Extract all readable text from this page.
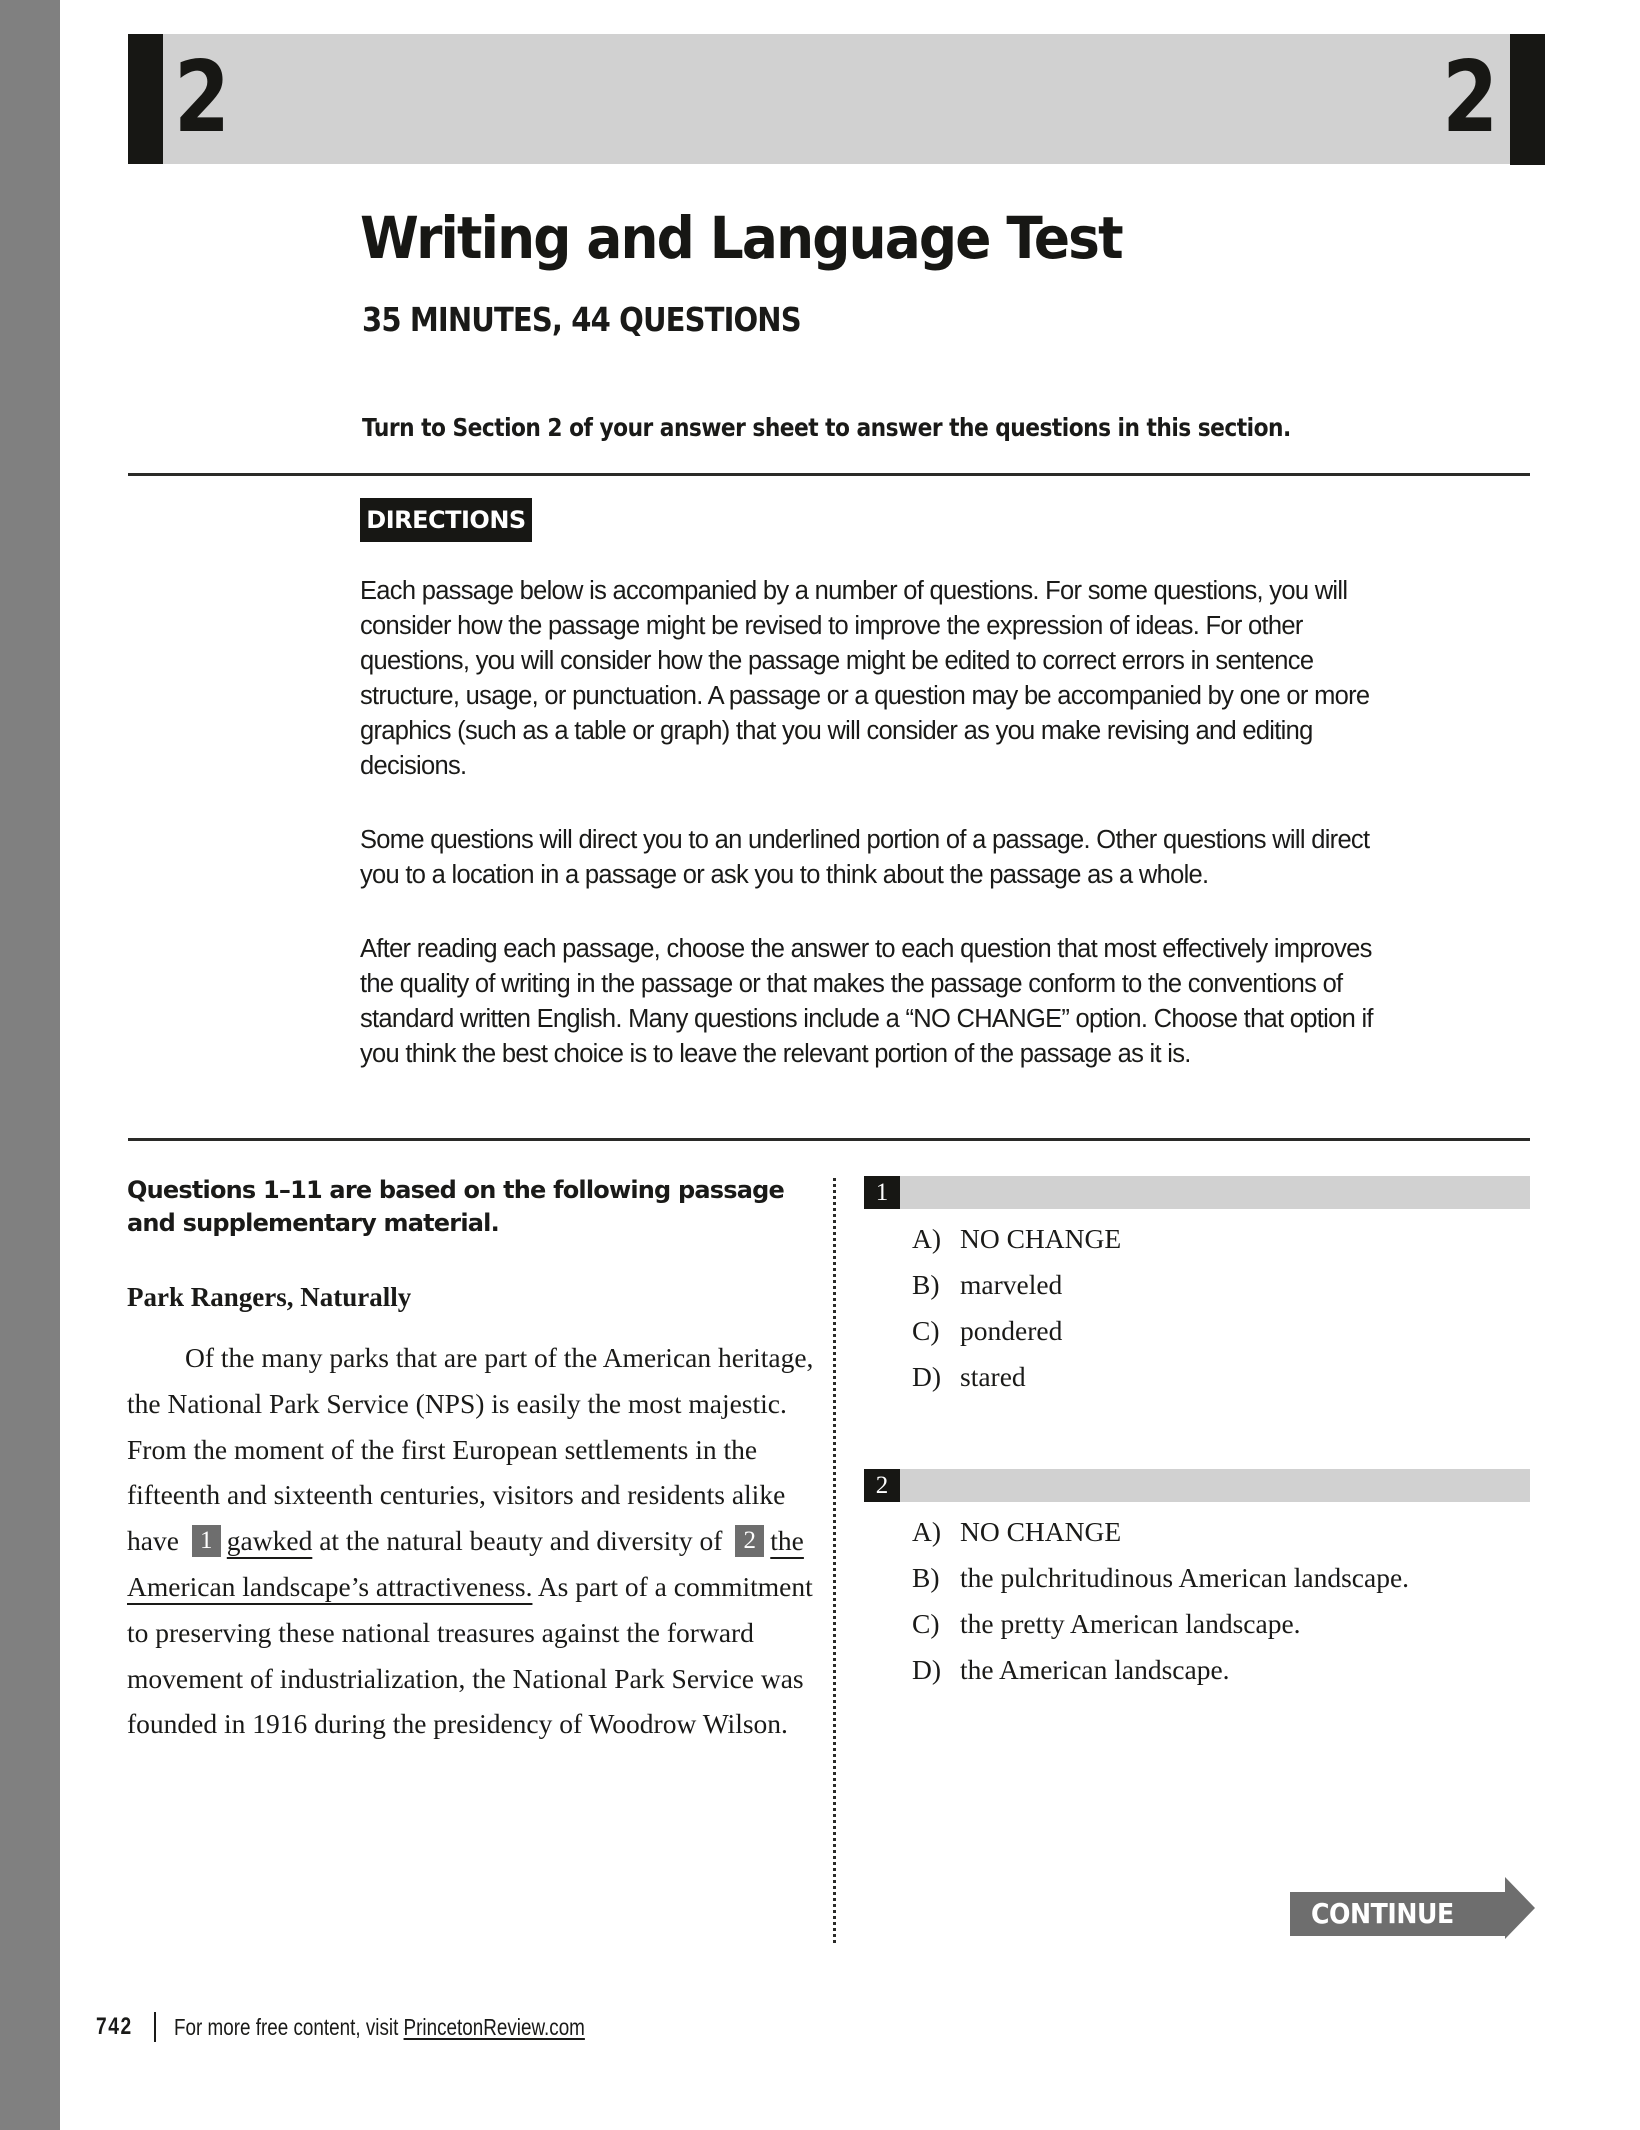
2	2
Writing and Language Test
35 MINUTES, 44 QUESTIONS
Turn to Section 2 of your answer sheet to answer the questions in this section.
DIRECTIONS

Each passage below is accompanied by a number of questions. For some questions, you will consider how the passage might be revised to improve the expression of ideas. For other questions, you will consider how the passage might be edited to correct errors in sentence structure, usage, or punctuation. A passage or a question may be accompanied by one or more graphics (such as a table or graph) that you will consider as you make revising and editing decisions.

Some questions will direct you to an underlined portion of a passage. Other questions will direct you to a location in a passage or ask you to think about the passage as a whole.

After reading each passage, choose the answer to each question that most effectively improves the quality of writing in the passage or that makes the passage conform to the conventions of standard written English. Many questions include a “NO CHANGE” option. Choose that option if you think the best choice is to leave the relevant portion of the passage as it is.

Questions 1–11 are based on the following passage and supplementary material.
Park Rangers, Naturally
Of the many parks that are part of the American heritage, the National Park Service (NPS) is easily the most majestic. From the moment of the first European settlements in the fifteenth and sixteenth centuries, visitors and residents alike have 1 gawked at the natural beauty and diversity of 2 the American landscape’s attractiveness. As part of a commitment to preserving these national treasures against the forward movement of industrialization, the National Park Service was founded in 1916 during the presidency of Woodrow Wilson.
1
A) NO CHANGE
B) marveled
C) pondered
D) stared
2
A) NO CHANGE
B) the pulchritudinous American landscape.
C) the pretty American landscape.
D) the American landscape.
CONTINUE
742 For more free content, visit PrincetonReview.com
